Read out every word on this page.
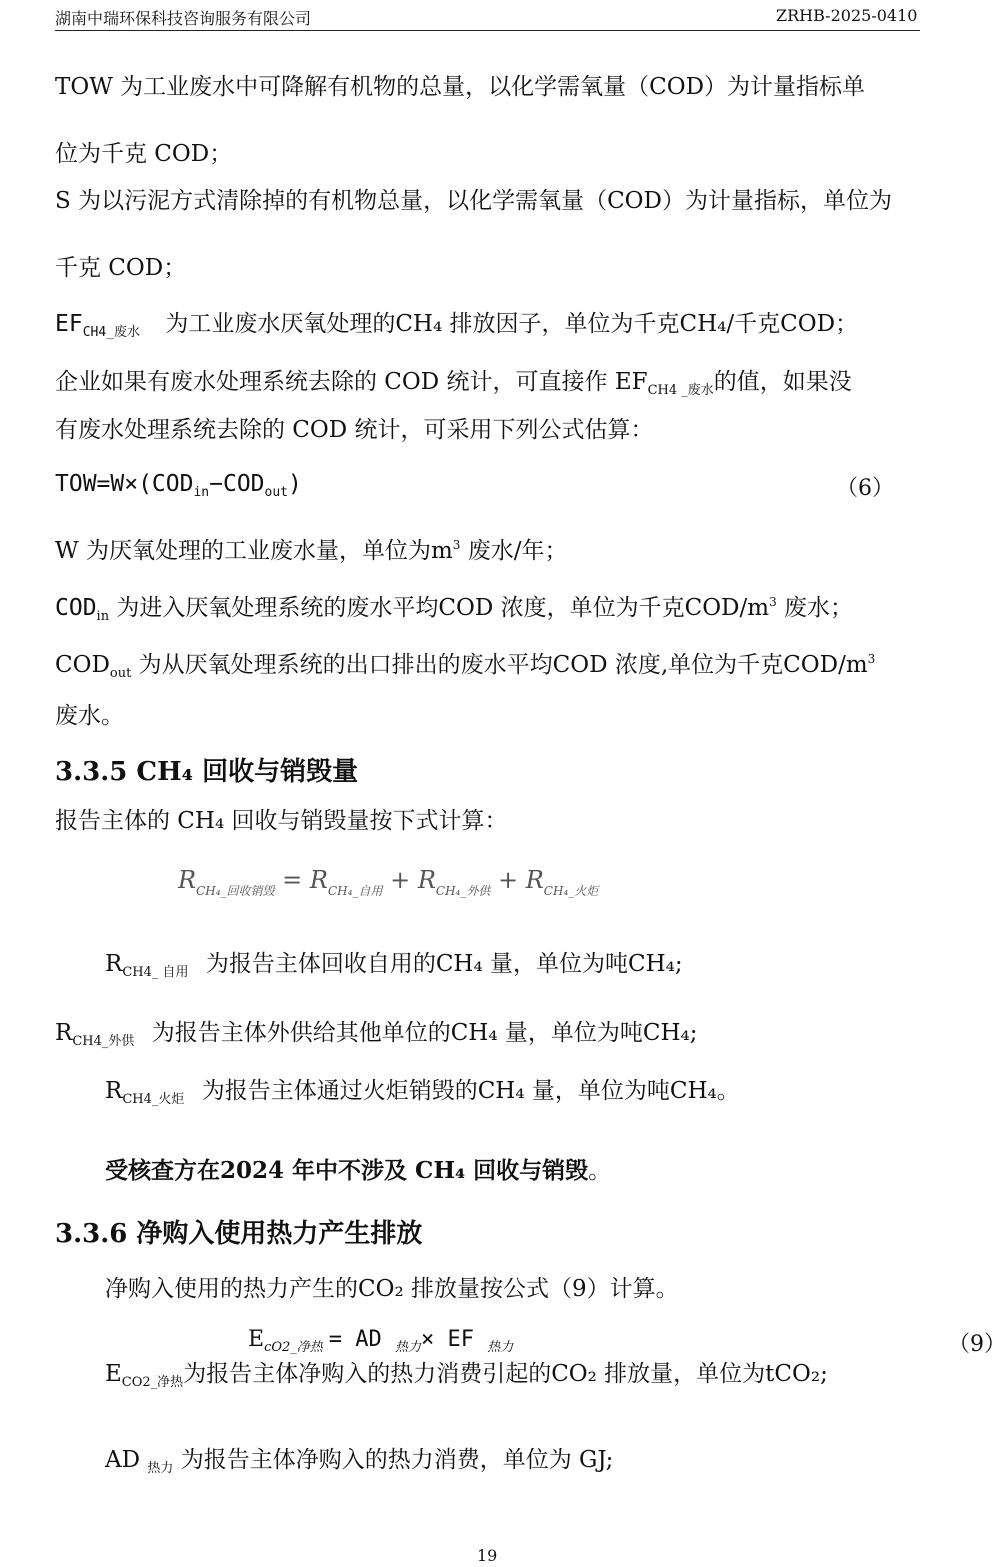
湖南中瑞环保科技咨询服务有限公司	ZRHB-2025-0410
TOW 为工业废水中可降解有机物的总量，以化学需氧量（COD）为计量指标单
位为千克 COD；
S 为以污泥方式清除掉的有机物总量，以化学需氧量（COD）为计量指标，单位为
千克 COD；
$EF_{CH4\_废水}$ 为工业废水厌氧处理的CH₄ 排放因子，单位为千克CH₄/千克COD；
企业如果有废水处理系统去除的 COD 统计，可直接作 $EF_{CH4 \_废水}$的值，如果没
有废水处理系统去除的 COD 统计，可采用下列公式估算：
$TOW=W\times(COD_{in}-COD_{out})$	（6）
W 为厌氧处理的工业废水量，单位为$m^3$ 废水/年；
$COD_{in}$ 为进入厌氧处理系统的废水平均COD 浓度，单位为千克COD/$m^3$ 废水；
$COD_{out}$ 为从厌氧处理系统的出口排出的废水平均COD 浓度,单位为千克COD/$m^3$
废水。
3.3.5 CH₄ 回收与销毁量
报告主体的 CH₄ 回收与销毁量按下式计算：
$R_{CH_4\_回收销毁} = R_{CH_4\_自用} + R_{CH_4\_外供} + R_{CH_4\_火炬}$
$R_{CH4\_ 自用}$ 为报告主体回收自用的CH₄ 量，单位为吨CH₄;
$R_{CH4\_外供}$ 为报告主体外供给其他单位的CH₄ 量，单位为吨CH₄;
$R_{CH4\_火炬}$ 为报告主体通过火炬销毁的CH₄ 量，单位为吨CH₄。
受核查方在2024 年中不涉及 CH₄ 回收与销毁。
3.3.6 净购入使用热力产生排放
净购入使用的热力产生的CO₂ 排放量按公式（9）计算。
$E_{cO2\_净热}$ = AD $_{热力}$× EF $_{热力}$	（9）
$E_{CO2\_净热}$为报告主体净购入的热力消费引起的CO₂ 排放量，单位为tCO₂;
AD $_{热力}$ 为报告主体净购入的热力消费，单位为 GJ;
19
